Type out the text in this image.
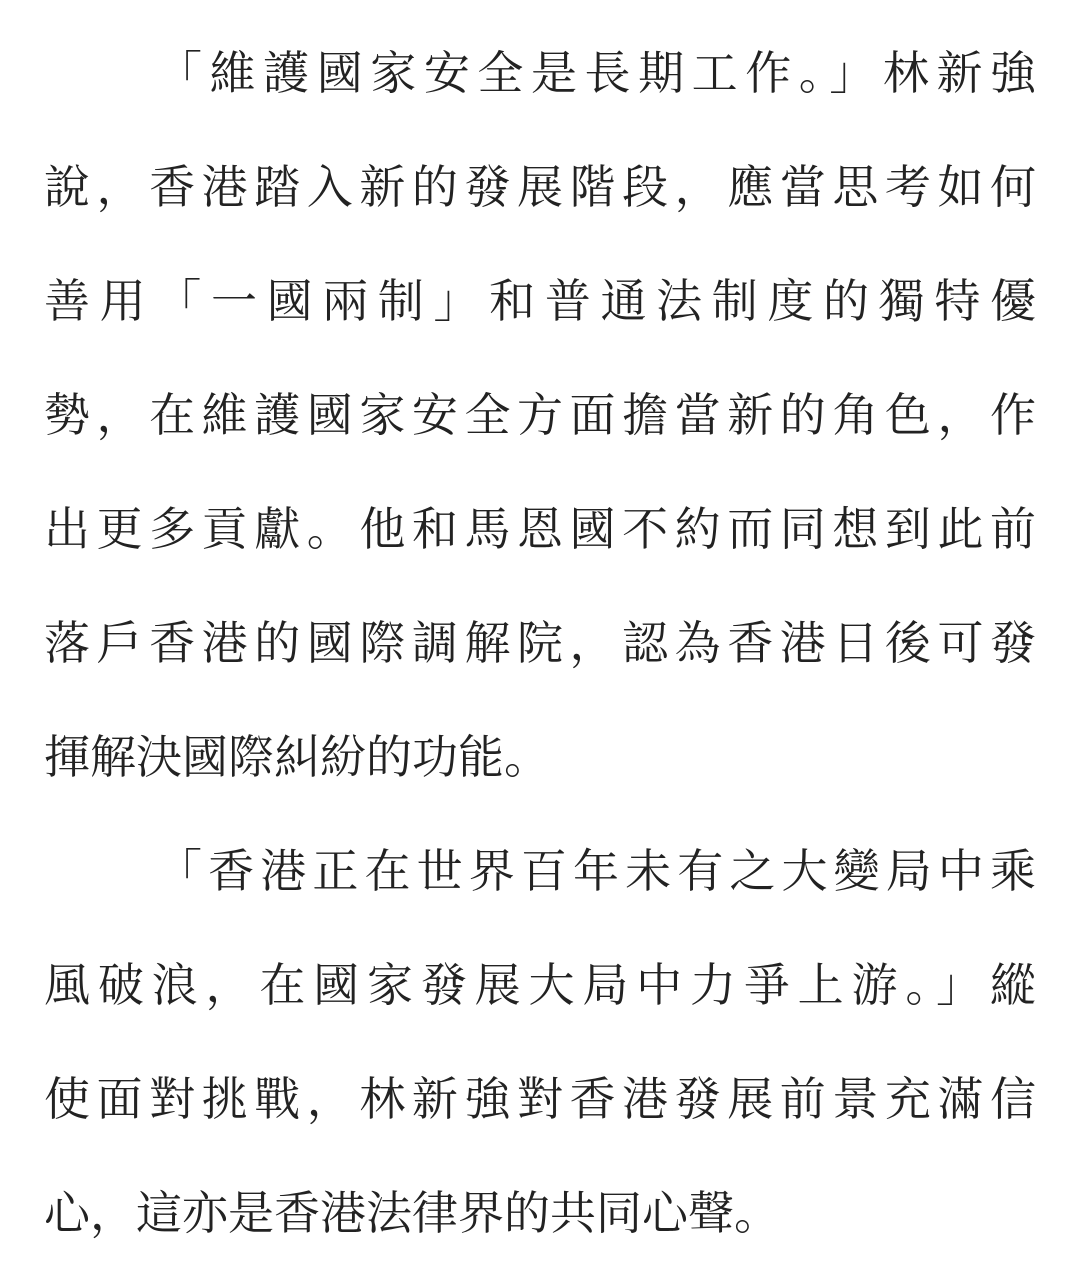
「維護國家安全是長期工作。」林新強
說，香港踏入新的發展階段，應當思考如何
善用「一國兩制」和普通法制度的獨特優
勢，在維護國家安全方面擔當新的角色，作
出更多貢獻。他和馬恩國不約而同想到此前
落戶香港的國際調解院，認為香港日後可發
揮解決國際糾紛的功能。

「香港正在世界百年未有之大變局中乘
風破浪，在國家發展大局中力爭上游。」縱
使面對挑戰，林新強對香港發展前景充滿信
心，這亦是香港法律界的共同心聲。
